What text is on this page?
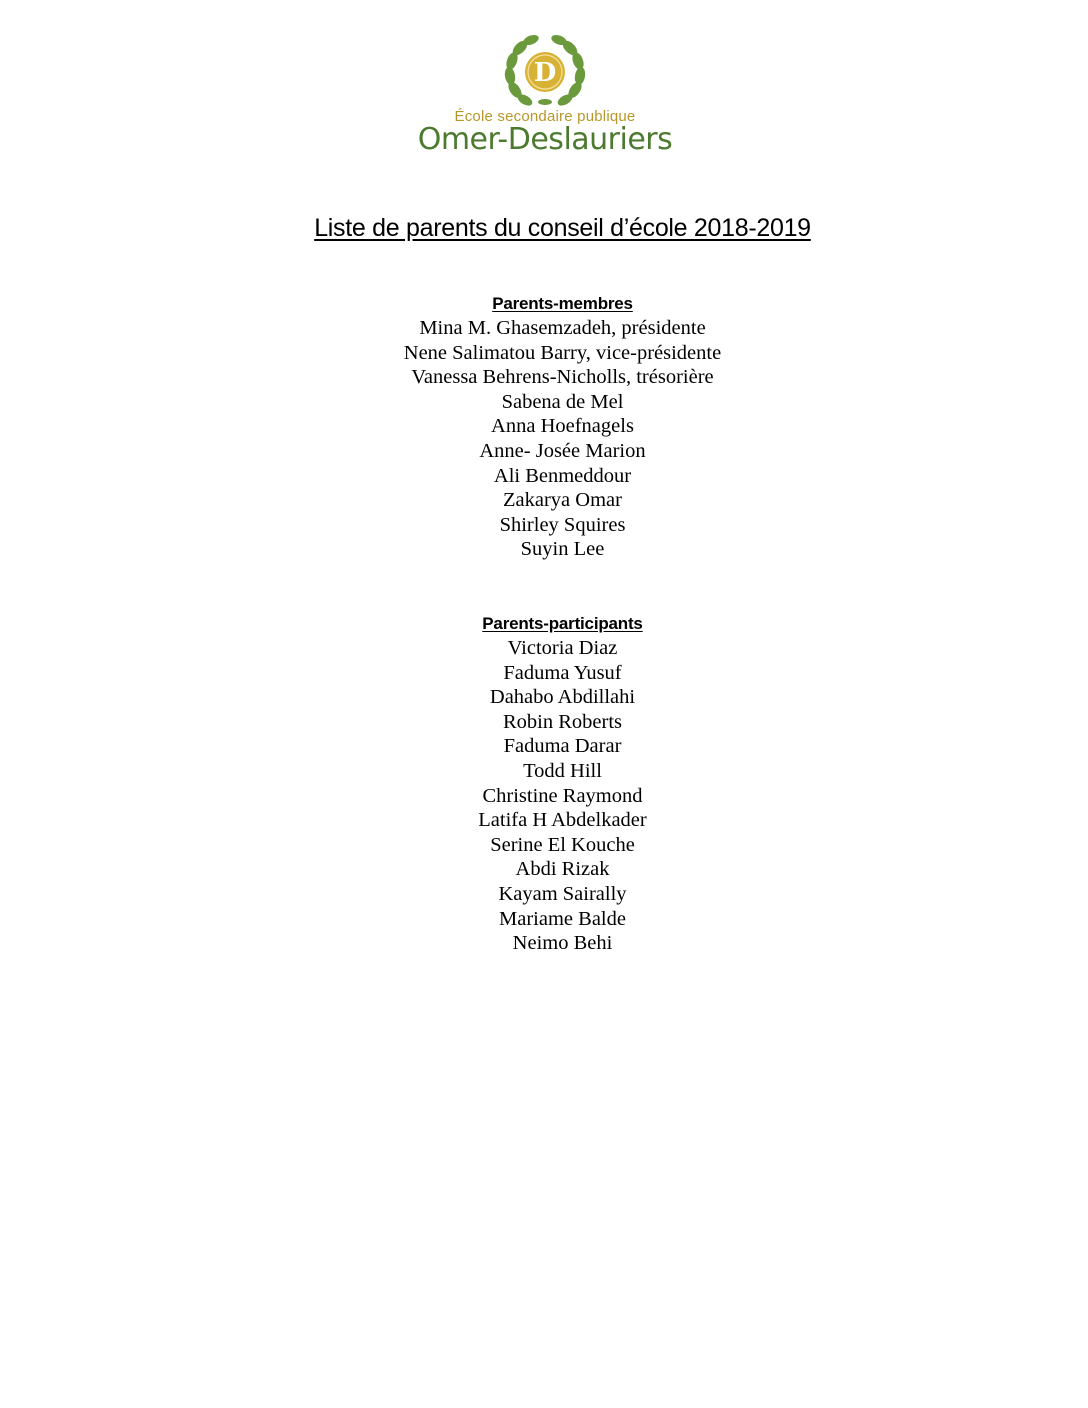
D
École secondaire publique
Omer-Deslauriers
Liste de parents du conseil d’école 2018-2019
Parents-membres
Mina M. Ghasemzadeh, présidente
Nene Salimatou Barry, vice-présidente
Vanessa Behrens-Nicholls, trésorière
Sabena de Mel
Anna Hoefnagels
Anne- Josée Marion
Ali Benmeddour
Zakarya Omar
Shirley Squires
Suyin Lee
Parents-participants
Victoria Diaz
Faduma Yusuf
Dahabo Abdillahi
Robin Roberts
Faduma Darar
Todd Hill
Christine Raymond
Latifa H Abdelkader
Serine El Kouche
Abdi Rizak
Kayam Sairally
Mariame Balde
Neimo Behi
